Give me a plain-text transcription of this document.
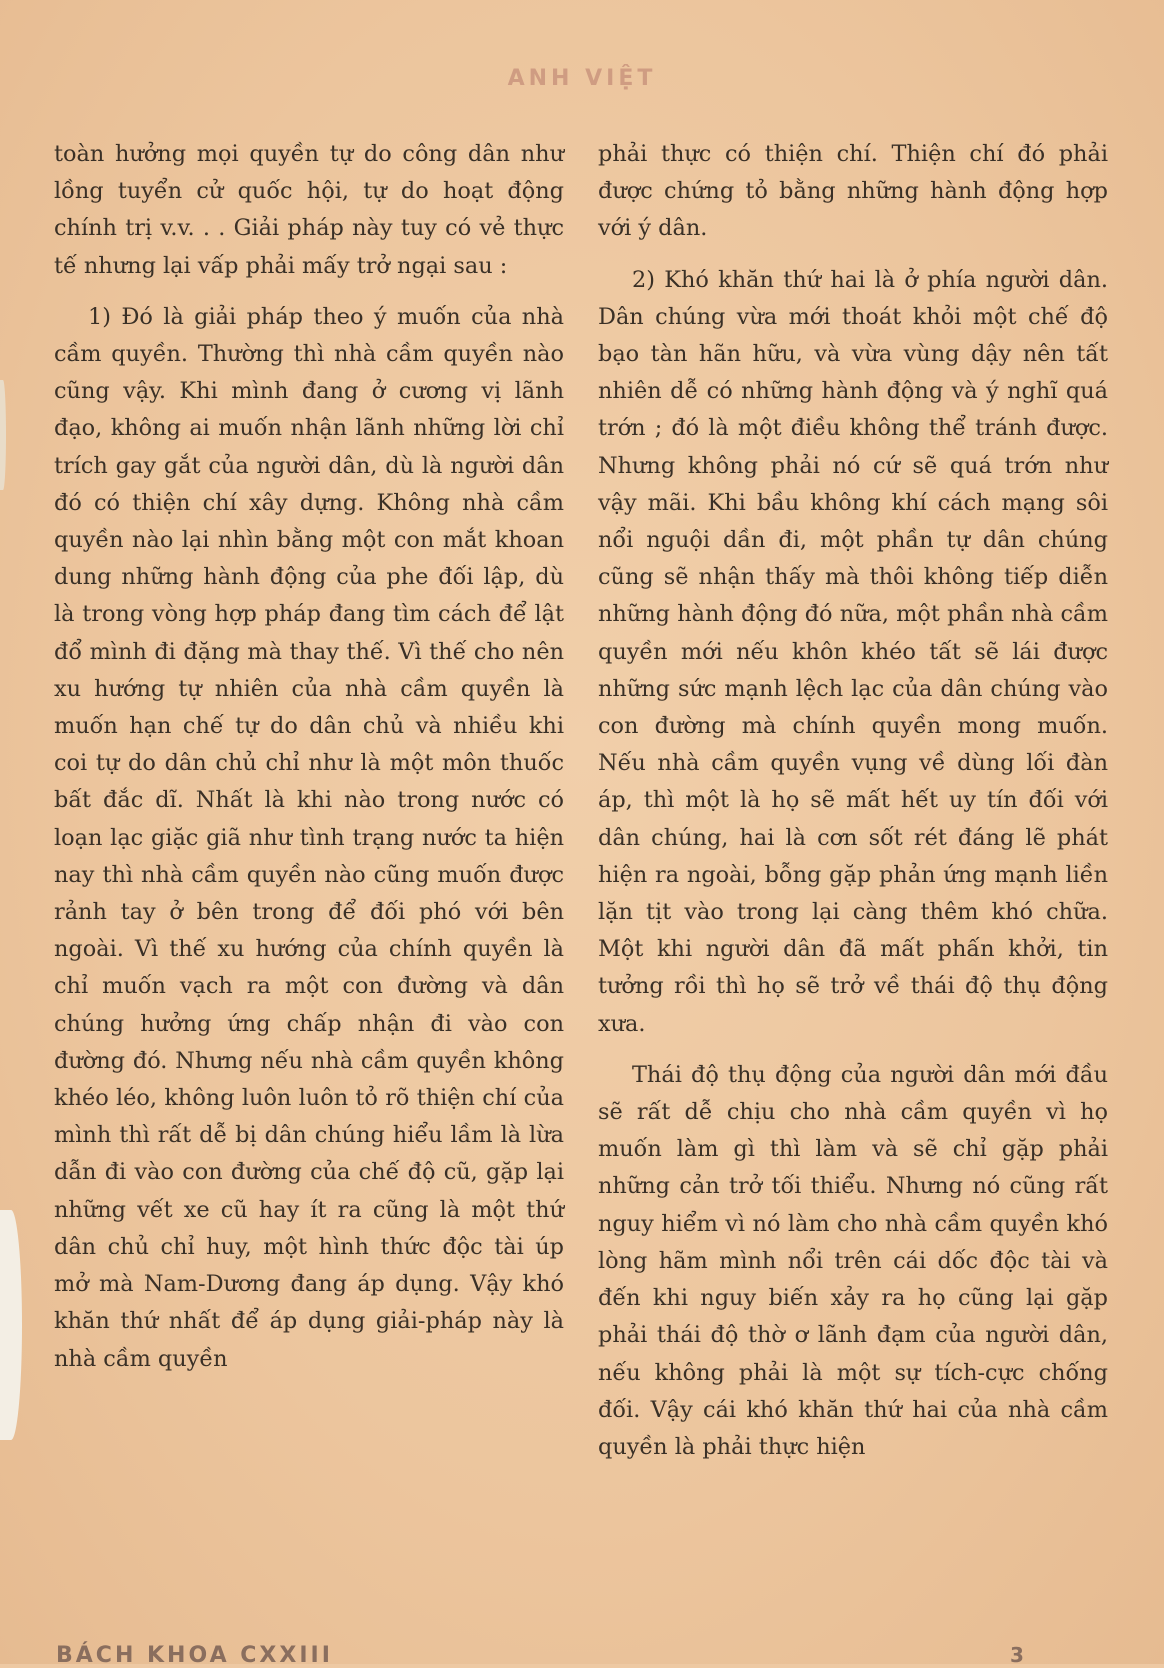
ANH VIỆT

toàn hưởng mọi quyền tự do công dân như lồng tuyển cử quốc hội, tự do hoạt động chính trị v.v. . . Giải pháp này tuy có vẻ thực tế nhưng lại vấp phải mấy trở ngại sau :

1) Đó là giải pháp theo ý muốn của nhà cầm quyền. Thường thì nhà cầm quyền nào cũng vậy. Khi mình đang ở cương vị lãnh đạo, không ai muốn nhận lãnh những lời chỉ trích gay gắt của người dân, dù là người dân đó có thiện chí xây dựng. Không nhà cầm quyền nào lại nhìn bằng một con mắt khoan dung những hành động của phe đối lập, dù là trong vòng hợp pháp đang tìm cách để lật đổ mình đi đặng mà thay thế. Vì thế cho nên xu hướng tự nhiên của nhà cầm quyền là muốn hạn chế tự do dân chủ và nhiều khi coi tự do dân chủ chỉ như là một môn thuốc bất đắc dĩ. Nhất là khi nào trong nước có loạn lạc giặc giã như tình trạng nước ta hiện nay thì nhà cầm quyền nào cũng muốn được rảnh tay ở bên trong để đối phó với bên ngoài. Vì thế xu hướng của chính quyền là chỉ muốn vạch ra một con đường và dân chúng hưởng ứng chấp nhận đi vào con đường đó. Nhưng nếu nhà cầm quyền không khéo léo, không luôn luôn tỏ rõ thiện chí của mình thì rất dễ bị dân chúng hiểu lầm là lừa dẫn đi vào con đường của chế độ cũ, gặp lại những vết xe cũ hay ít ra cũng là một thứ dân chủ chỉ huy, một hình thức độc tài úp mở mà Nam-Dương đang áp dụng. Vậy khó khăn thứ nhất để áp dụng giải-pháp này là nhà cầm quyền

phải thực có thiện chí. Thiện chí đó phải được chứng tỏ bằng những hành động hợp với ý dân.

2) Khó khăn thứ hai là ở phía người dân. Dân chúng vừa mới thoát khỏi một chế độ bạo tàn hãn hữu, và vừa vùng dậy nên tất nhiên dễ có những hành động và ý nghĩ quá trớn ; đó là một điều không thể tránh được. Nhưng không phải nó cứ sẽ quá trớn như vậy mãi. Khi bầu không khí cách mạng sôi nổi nguội dần đi, một phần tự dân chúng cũng sẽ nhận thấy mà thôi không tiếp diễn những hành động đó nữa, một phần nhà cầm quyền mới nếu khôn khéo tất sẽ lái được những sức mạnh lệch lạc của dân chúng vào con đường mà chính quyền mong muốn. Nếu nhà cầm quyền vụng về dùng lối đàn áp, thì một là họ sẽ mất hết uy tín đối với dân chúng, hai là cơn sốt rét đáng lẽ phát hiện ra ngoài, bỗng gặp phản ứng mạnh liền lặn tịt vào trong lại càng thêm khó chữa. Một khi người dân đã mất phấn khởi, tin tưởng rồi thì họ sẽ trở về thái độ thụ động xưa.

Thái độ thụ động của người dân mới đầu sẽ rất dễ chịu cho nhà cầm quyền vì họ muốn làm gì thì làm và sẽ chỉ gặp phải những cản trở tối thiểu. Nhưng nó cũng rất nguy hiểm vì nó làm cho nhà cầm quyền khó lòng hãm mình nổi trên cái dốc độc tài và đến khi nguy biến xảy ra họ cũng lại gặp phải thái độ thờ ơ lãnh đạm của người dân, nếu không phải là một sự tích-cực chống đối. Vậy cái khó khăn thứ hai của nhà cầm quyền là phải thực hiện

BÁCH KHOA CXXIII	3
